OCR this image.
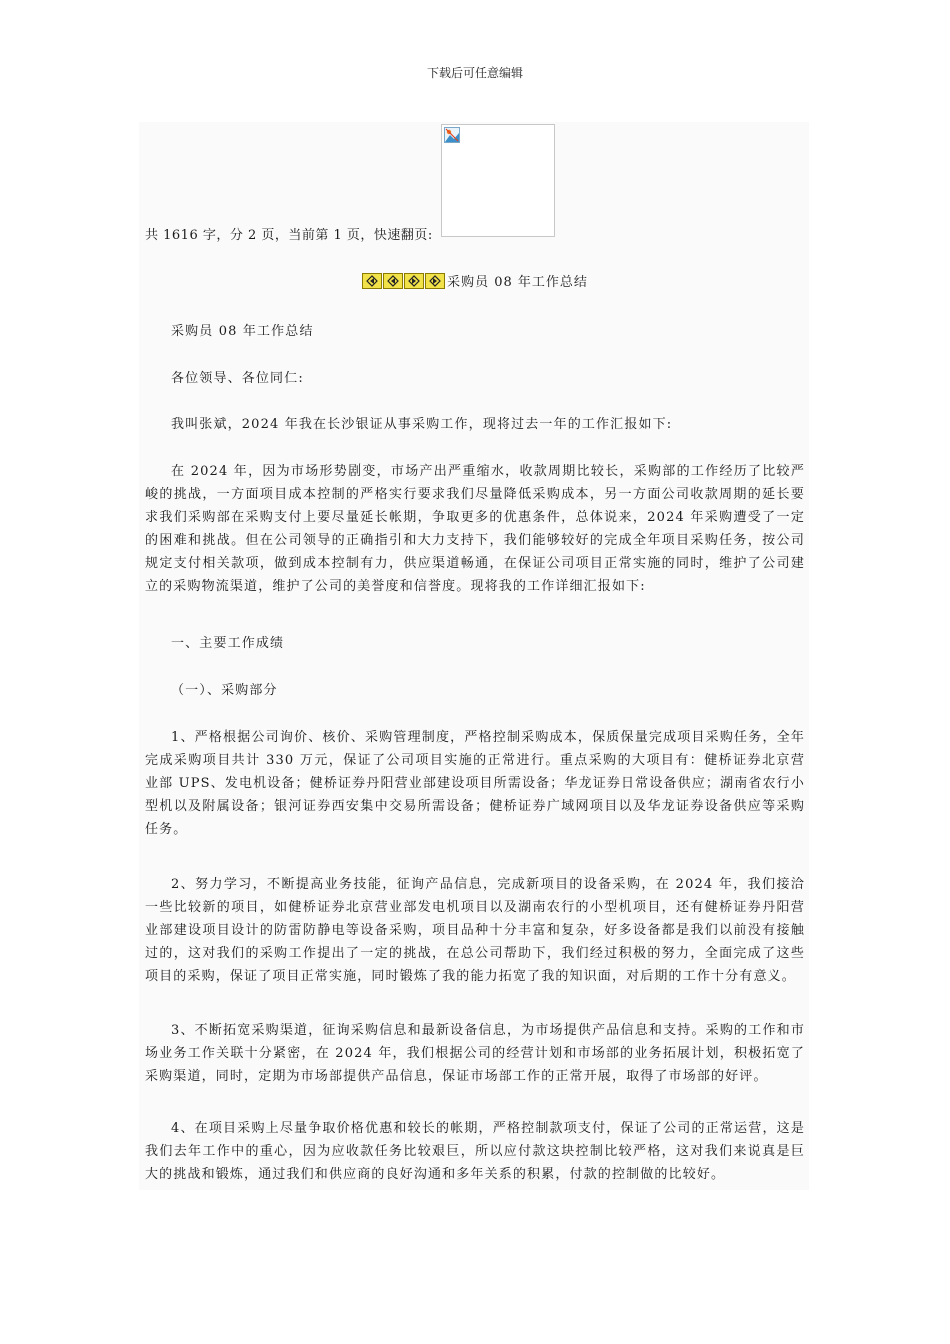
下载后可任意编辑
共 1616 字，分 2 页，当前第 1 页，快速翻页:
采购员 08 年工作总结

采购员 08 年工作总结

各位领导、各位同仁:

我叫张斌，2024 年我在长沙银证从事采购工作，现将过去一年的工作汇报如下:

在 2024 年，因为市场形势剧变，市场产出严重缩水，收款周期比较长，采购部的工作经历了比较严峻的挑战，一方面项目成本控制的严格实行要求我们尽量降低采购成本，另一方面公司收款周期的延长要求我们采购部在采购支付上要尽量延长帐期，争取更多的优惠条件，总体说来，2024 年采购遭受了一定的困难和挑战。但在公司领导的正确指引和大力支持下，我们能够较好的完成全年项目采购任务，按公司规定支付相关款项，做到成本控制有力，供应渠道畅通，在保证公司项目正常实施的同时，维护了公司建立的采购物流渠道，维护了公司的美誉度和信誉度。现将我的工作详细汇报如下:

一、主要工作成绩

（一）、采购部分

1、严格根据公司询价、核价、采购管理制度，严格控制采购成本，保质保量完成项目采购任务，全年完成采购项目共计 330 万元，保证了公司项目实施的正常进行。重点采购的大项目有：健桥证券北京营业部 UPS、发电机设备；健桥证券丹阳营业部建设项目所需设备；华龙证券日常设备供应；湖南省农行小型机以及附属设备；银河证券西安集中交易所需设备；健桥证券广域网项目以及华龙证券设备供应等采购任务。

2、努力学习，不断提高业务技能，征询产品信息，完成新项目的设备采购，在 2024 年，我们接洽一些比较新的项目，如健桥证券北京营业部发电机项目以及湖南农行的小型机项目，还有健桥证券丹阳营业部建设项目设计的防雷防静电等设备采购，项目品种十分丰富和复杂，好多设备都是我们以前没有接触过的，这对我们的采购工作提出了一定的挑战，在总公司帮助下，我们经过积极的努力，全面完成了这些项目的采购，保证了项目正常实施，同时锻炼了我的能力拓宽了我的知识面，对后期的工作十分有意义。

3、不断拓宽采购渠道，征询采购信息和最新设备信息，为市场提供产品信息和支持。采购的工作和市场业务工作关联十分紧密，在 2024 年，我们根据公司的经营计划和市场部的业务拓展计划，积极拓宽了采购渠道，同时，定期为市场部提供产品信息，保证市场部工作的正常开展，取得了市场部的好评。

4、在项目采购上尽量争取价格优惠和较长的帐期，严格控制款项支付，保证了公司的正常运营，这是我们去年工作中的重心，因为应收款任务比较艰巨，所以应付款这块控制比较严格，这对我们来说真是巨大的挑战和锻炼，通过我们和供应商的良好沟通和多年关系的积累，付款的控制做的比较好。
